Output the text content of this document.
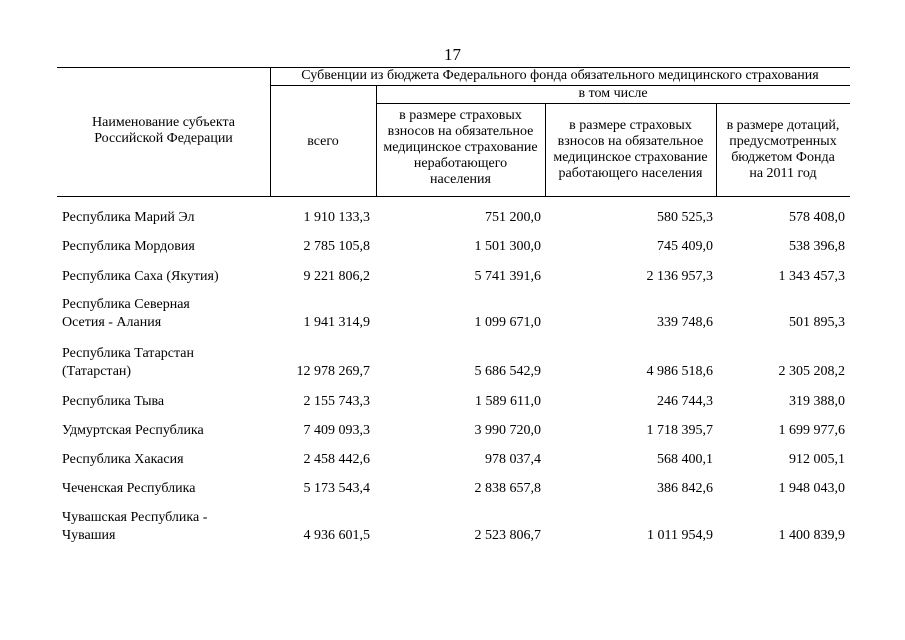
17
Наименование субъекта
Российской Федерации
Субвенции из бюджета Федерального фонда обязательного медицинского страхования
в том числе
всего
в размере страховых
взносов на обязательное
медицинское страхование
неработающего
населения
в размере страховых
взносов на обязательное
медицинское страхование
работающего населения
в размере дотаций,
предусмотренных
бюджетом Фонда
на 2011 год
Республика Марий Эл	1 910 133,3	751 200,0	580 525,3	578 408,0
Республика Мордовия	2 785 105,8	1 501 300,0	745 409,0	538 396,8
Республика Саха (Якутия)	9 221 806,2	5 741 391,6	2 136 957,3	1 343 457,3
Республика Северная
Осетия - Алания	1 941 314,9	1 099 671,0	339 748,6	501 895,3
Республика Татарстан
(Татарстан)	12 978 269,7	5 686 542,9	4 986 518,6	2 305 208,2
Республика Тыва	2 155 743,3	1 589 611,0	246 744,3	319 388,0
Удмуртская Республика	7 409 093,3	3 990 720,0	1 718 395,7	1 699 977,6
Республика Хакасия	2 458 442,6	978 037,4	568 400,1	912 005,1
Чеченская Республика	5 173 543,4	2 838 657,8	386 842,6	1 948 043,0
Чувашская Республика -
Чувашия	4 936 601,5	2 523 806,7	1 011 954,9	1 400 839,9
